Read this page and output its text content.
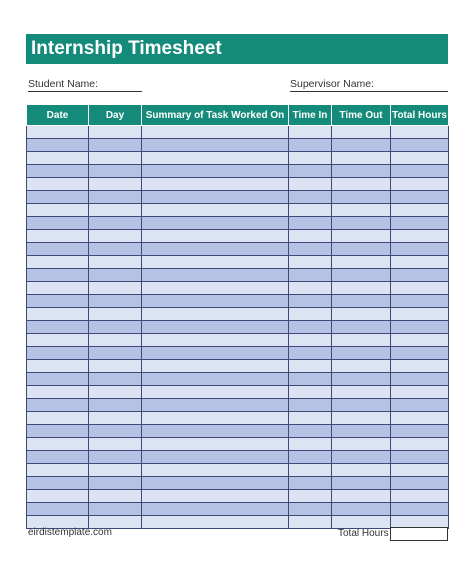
Internship Timesheet
Student Name:	Supervisor Name:
Date	Day	Summary of Task Worked On	Time In	Time Out	Total Hours

eirdistemplate.com	Total Hours
